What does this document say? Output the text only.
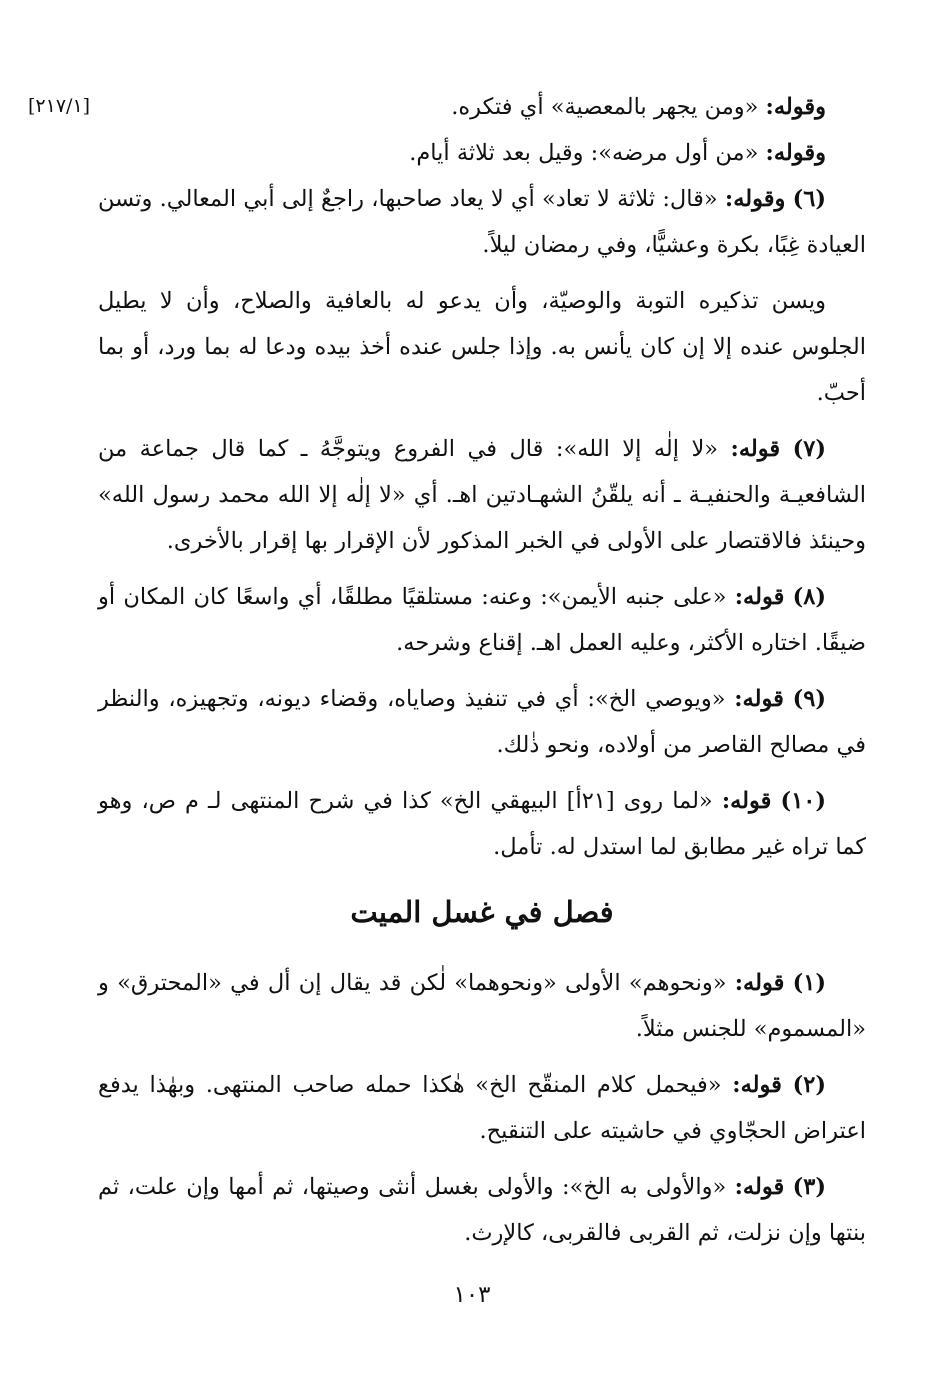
[٢١٧/١]	وقوله: «ومن يجهر بالمعصية» أي فتكره.

وقوله: «من أول مرضه»: وقيل بعد ثلاثة أيام.

(٦) وقوله: «قال: ثلاثة لا تعاد» أي لا يعاد صاحبها، راجعٌ إلى أبي المعالي. وتسن العيادة غِبًا، بكرة وعشيًّا، وفي رمضان ليلاً.

ويسن تذكيره التوبة والوصيّة، وأن يدعو له بالعافية والصلاح، وأن لا يطيل الجلوس عنده إلا إن كان يأنس به. وإذا جلس عنده أخذ بيده ودعا له بما ورد، أو بما أحبّ.

(٧) قوله: «لا إلٰه إلا الله»: قال في الفروع ويتوجَّهُ ـ كما قال جماعة من الشافعيـة والحنفيـة ـ أنه يلقّنُ الشهـادتين اهـ. أي «لا إلٰه إلا الله محمد رسول الله» وحينئذ فالاقتصار على الأولى في الخبر المذكور لأن الإقرار بها إقرار بالأخرى.

(٨) قوله: «على جنبه الأيمن»: وعنه: مستلقيًا مطلقًا، أي واسعًا كان المكان أو ضيقًا. اختاره الأكثر، وعليه العمل اهـ. إقناع وشرحه.

(٩) قوله: «ويوصي الخ»: أي في تنفيذ وصاياه، وقضاء ديونه، وتجهيزه، والنظر في مصالح القاصر من أولاده، ونحو ذٰلك.

(١٠) قوله: «لما روى [٢١أ] البيهقي الخ» كذا في شرح المنتهى لـ م ص، وهو كما تراه غير مطابق لما استدل له. تأمل.

فصل في غسل الميت

(١) قوله: «ونحوهم» الأولى «ونحوهما» لٰكن قد يقال إن أل في «المحترق» و «المسموم» للجنس مثلاً.

(٢) قوله: «فيحمل كلام المنقّح الخ» هٰكذا حمله صاحب المنتهى. وبهٰذا يدفع اعتراض الحجّاوي في حاشيته على التنقيح.

(٣) قوله: «والأولى به الخ»: والأولى بغسل أنثى وصيتها، ثم أمها وإن علت، ثم بنتها وإن نزلت، ثم القربى فالقربى، كالإرث.

١٠٣
